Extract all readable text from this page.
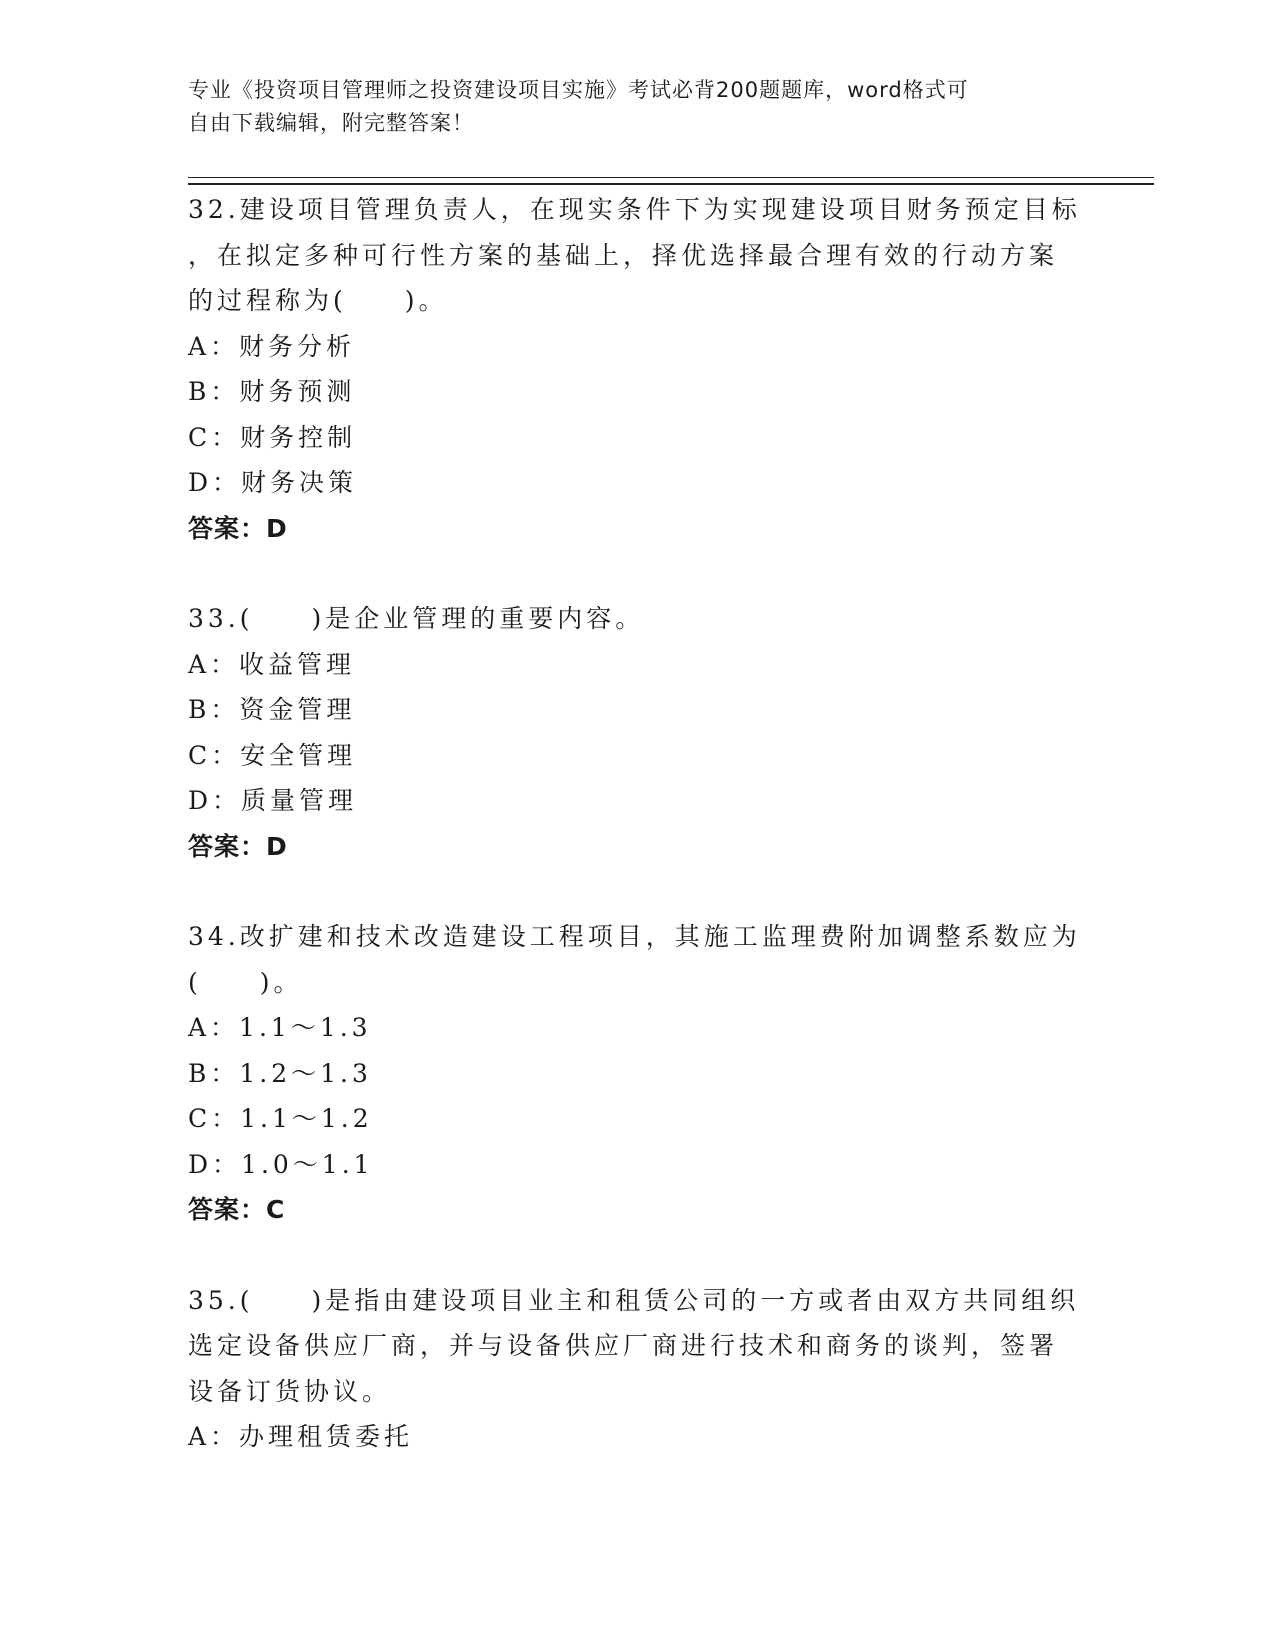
专业《投资项目管理师之投资建设项目实施》考试必背200题题库，word格式可
自由下载编辑，附完整答案！
32.建设项目管理负责人，在现实条件下为实现建设项目财务预定目标
，在拟定多种可行性方案的基础上，择优选择最合理有效的行动方案
的过程称为(　　)。
A：财务分析
B：财务预测
C：财务控制
D：财务决策
答案：D
33.(　　)是企业管理的重要内容。
A：收益管理
B：资金管理
C：安全管理
D：质量管理
答案：D
34.改扩建和技术改造建设工程项目，其施工监理费附加调整系数应为
(　　)。
A：1.1～1.3
B：1.2～1.3
C：1.1～1.2
D：1.0～1.1
答案：C
35.(　　)是指由建设项目业主和租赁公司的一方或者由双方共同组织
选定设备供应厂商，并与设备供应厂商进行技术和商务的谈判，签署
设备订货协议。
A：办理租赁委托
